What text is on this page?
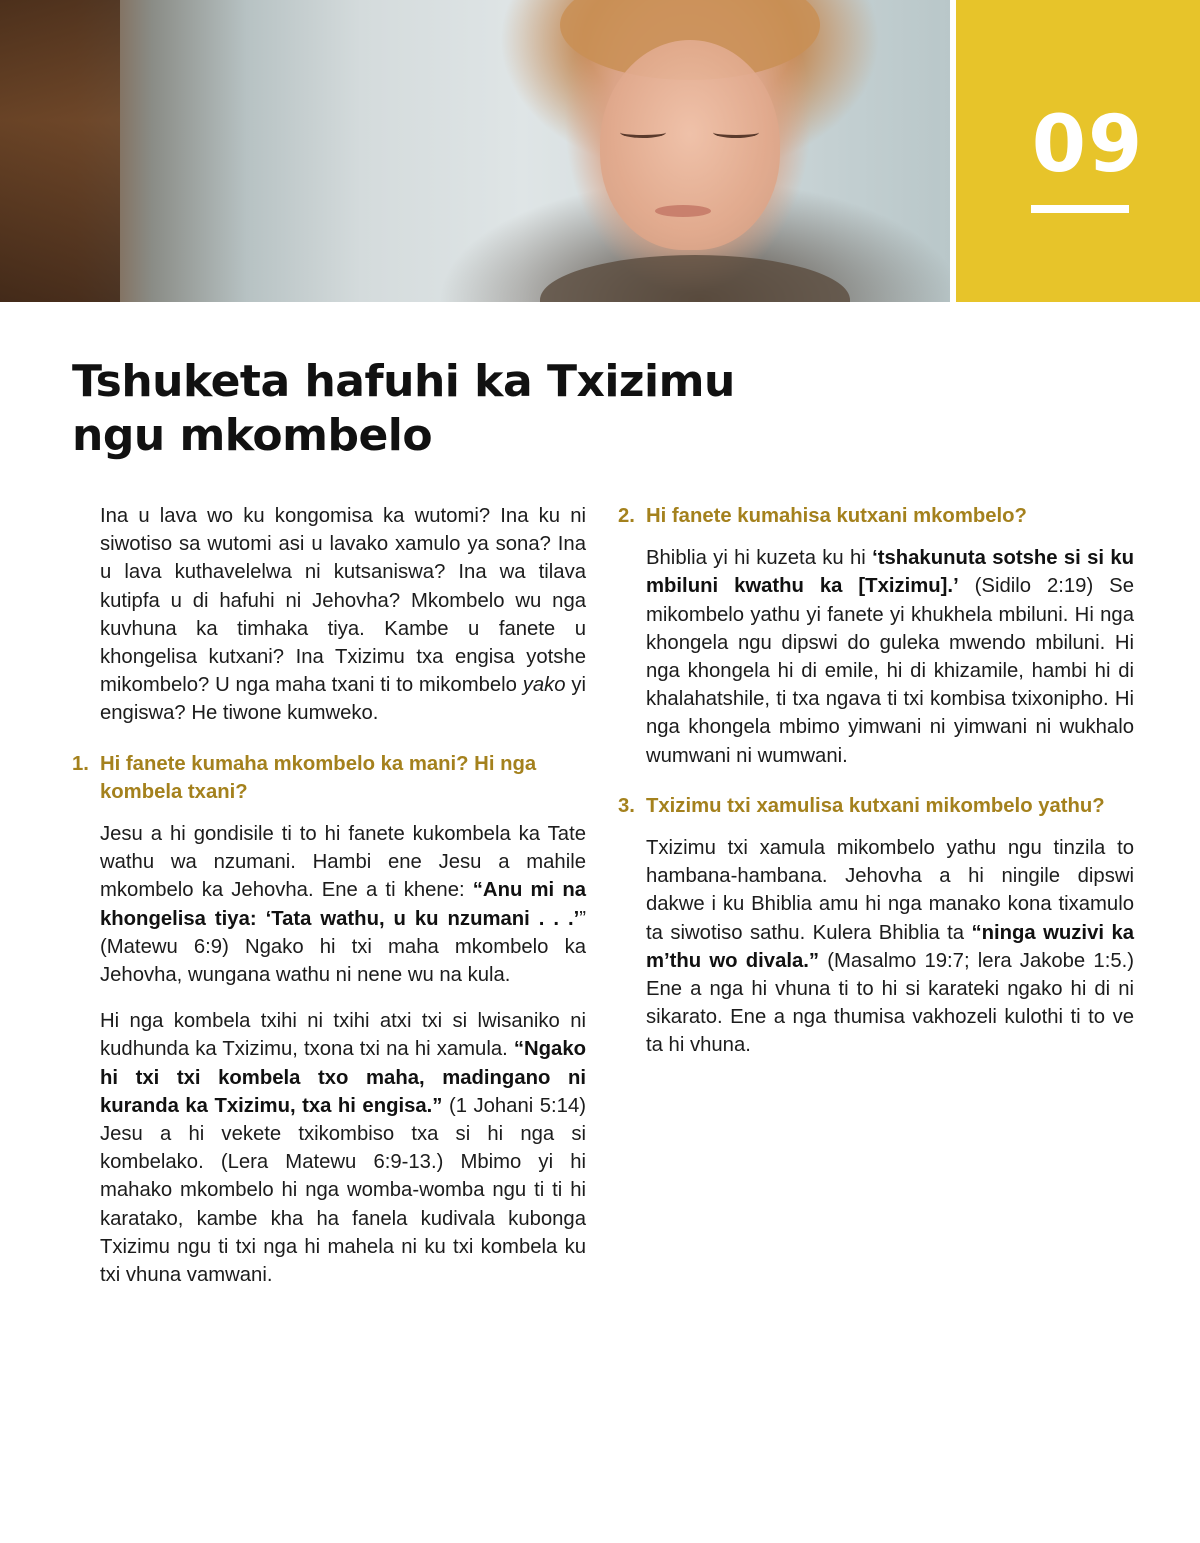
09
Tshuketa hafuhi ka Txizimu
ngu mkombelo

Ina u lava wo ku kongomisa ka wutomi? Ina ku ni siwotiso sa wutomi asi u lavako xamulo ya sona? Ina u lava kuthavelelwa ni kutsaniswa? Ina wa tilava kutipfa u di hafuhi ni Jehovha? Mkombelo wu nga kuvhuna ka timhaka tiya. Kambe u fanete u khongelisa kutxani? Ina Txizimu txa engisa yotshe mikombelo? U nga maha txani ti to mikombelo yako yi engiswa? He tiwone kumweko.

1. Hi fanete kumaha mkombelo ka mani? Hi nga kombela txani?

Jesu a hi gondisile ti to hi fanete kukombela ka Tate wathu wa nzumani. Hambi ene Jesu a mahile mkombelo ka Jehovha. Ene a ti khene: “Anu mi na khongelisa tiya: ‘Tata wathu, u ku nzumani . . .’” (Matewu 6:9) Ngako hi txi maha mkombelo ka Jehovha, wungana wathu ni nene wu na kula.

Hi nga kombela txihi ni txihi atxi txi si lwisaniko ni kudhunda ka Txizimu, txona txi na hi xamula. “Ngako hi txi txi kombela txo maha, madingano ni kuranda ka Txizimu, txa hi engisa.” (1 Johani 5:14) Jesu a hi vekete txikombiso txa si hi nga si kombelako. (Lera Matewu 6:9-13.) Mbimo yi hi mahako mkombelo hi nga womba-womba ngu ti ti hi karatako, kambe kha ha fanela kudivala kubonga Txizimu ngu ti txi nga hi mahela ni ku txi kombela ku txi vhuna vamwani.

2. Hi fanete kumahisa kutxani mkombelo?

Bhiblia yi hi kuzeta ku hi ‘tshakunuta sotshe si si ku mbiluni kwathu ka [Txizimu].’ (Sidilo 2:19) Se mikombelo yathu yi fanete yi khukhela mbiluni. Hi nga khongela ngu dipswi do guleka mwendo mbiluni. Hi nga khongela hi di emile, hi di khizamile, hambi hi di khalahatshile, ti txa ngava ti txi kombisa txixonipho. Hi nga khongela mbimo yimwani ni yimwani ni wukhalo wumwani ni wumwani.

3. Txizimu txi xamulisa kutxani mikombelo yathu?

Txizimu txi xamula mikombelo yathu ngu tinzila to hambana-hambana. Jehovha a hi ningile dipswi dakwe i ku Bhiblia amu hi nga manako kona tixamulo ta siwotiso sathu. Kulera Bhiblia ta “ninga wuzivi ka m’thu wo divala.” (Masalmo 19:7; lera Jakobe 1:5.) Ene a nga hi vhuna ti to hi si karateki ngako hi di ni sikarato. Ene a nga thumisa vakhozeli kulothi ti to ve ta hi vhuna.
